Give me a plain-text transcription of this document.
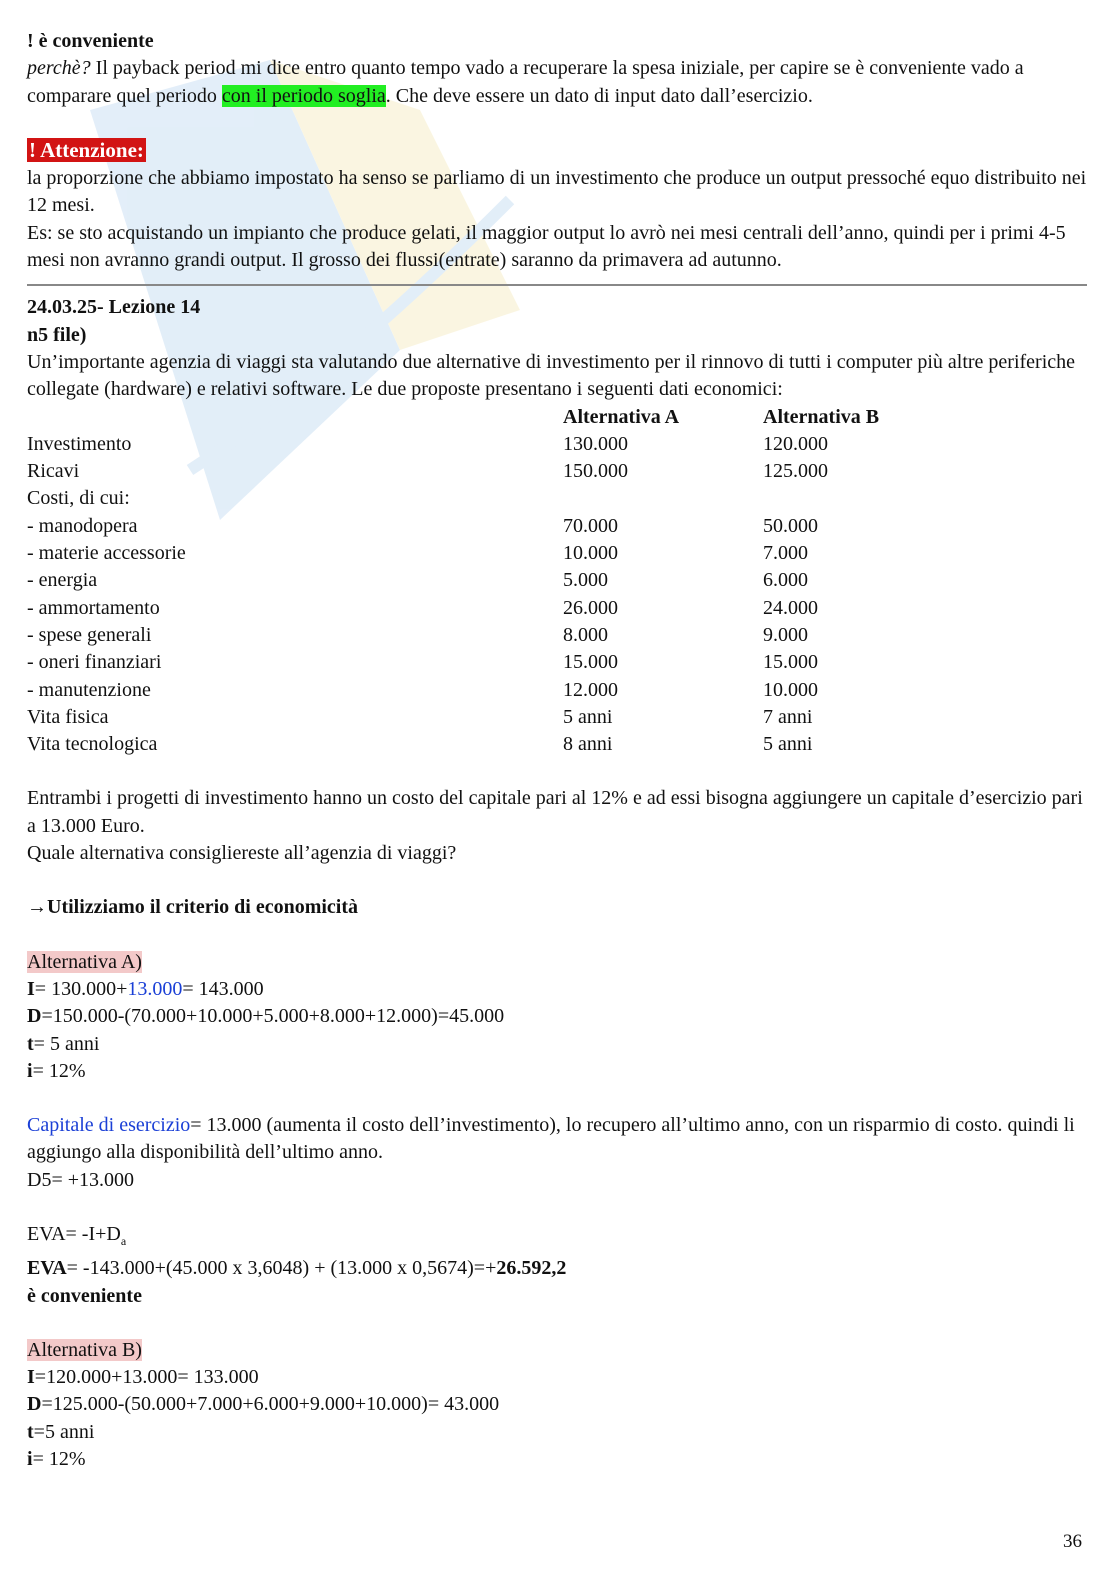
! è conveniente

perchè? Il payback period mi dice entro quanto tempo vado a recuperare la spesa iniziale, per capire se è conveniente vado a comparare quel periodo con il periodo soglia. Che deve essere un dato di input dato dall’esercizio.

! Attenzione:

la proporzione che abbiamo impostato ha senso se parliamo di un investimento che produce un output pressoché equo distribuito nei 12 mesi.

Es: se sto acquistando un impianto che produce gelati, il maggior output lo avrò nei mesi centrali dell’anno, quindi per i primi 4-5 mesi non avranno grandi output. Il grosso dei flussi(entrate) saranno da primavera ad autunno.

24.03.25- Lezione 14

n5 file)

Un’importante agenzia di viaggi sta valutando due alternative di investimento per il rinnovo di tutti i computer più altre periferiche collegate (hardware) e relativi software. Le due proposte presentano i seguenti dati economici:

	Alternativa A	Alternativa B
Investimento	130.000	120.000
Ricavi	150.000	125.000
Costi, di cui:		
- manodopera	70.000	50.000
- materie accessorie	10.000	7.000
- energia	5.000	6.000
- ammortamento	26.000	24.000
- spese generali	8.000	9.000
- oneri finanziari	15.000	15.000
- manutenzione	12.000	10.000
Vita fisica	5 anni	7 anni
Vita tecnologica	8 anni	5 anni

Entrambi i progetti di investimento hanno un costo del capitale pari al 12% e ad essi bisogna aggiungere un capitale d’esercizio pari a 13.000 Euro.

Quale alternativa consigliereste all’agenzia di viaggi?

→Utilizziamo il criterio di economicità

Alternativa A)

I= 130.000+13.000= 143.000

D=150.000-(70.000+10.000+5.000+8.000+12.000)=45.000

t= 5 anni

i= 12%

Capitale di esercizio= 13.000 (aumenta il costo dell’investimento), lo recupero all’ultimo anno, con un risparmio di costo. quindi li aggiungo alla disponibilità dell’ultimo anno.

D5= +13.000

$EVA= -I+D_a$

EVA= -143.000+(45.000 x 3,6048) + (13.000 x 0,5674)=+26.592,2

è conveniente

Alternativa B)

I=120.000+13.000= 133.000

D=125.000-(50.000+7.000+6.000+9.000+10.000)= 43.000

t=5 anni

i= 12%

36
